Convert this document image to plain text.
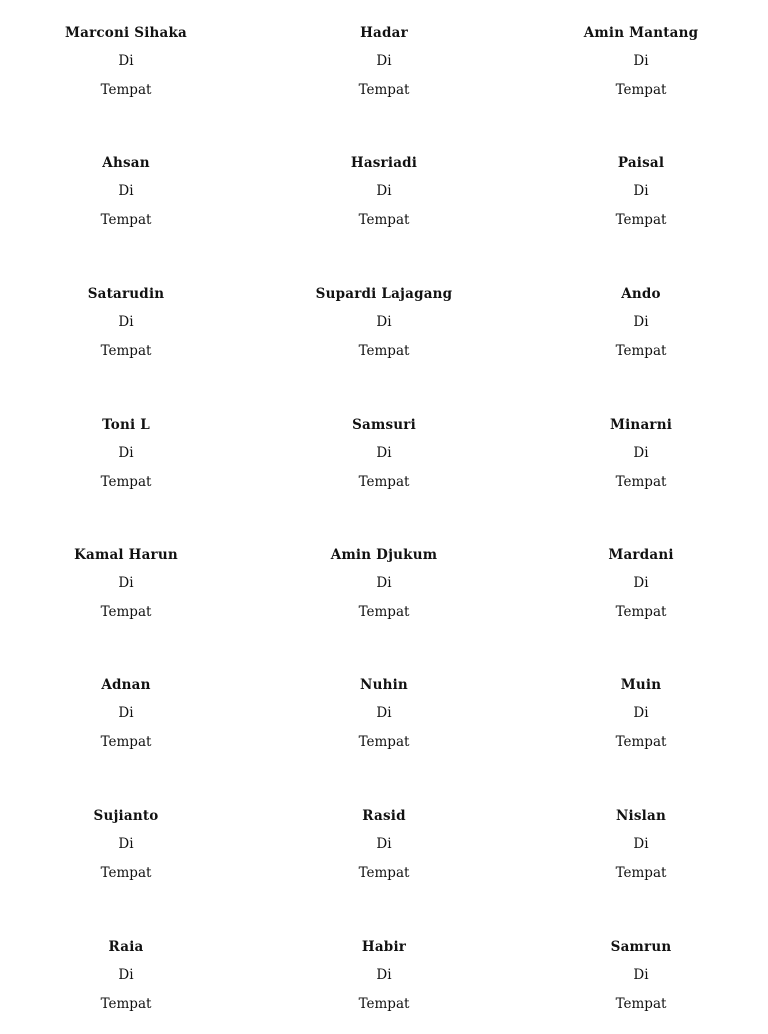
Marconi Sihaka
Di
Tempat
Hadar
Di
Tempat
Amin Mantang
Di
Tempat
Ahsan
Di
Tempat
Hasriadi
Di
Tempat
Paisal
Di
Tempat
Satarudin
Di
Tempat
Supardi Lajagang
Di
Tempat
Ando
Di
Tempat
Toni L
Di
Tempat
Samsuri
Di
Tempat
Minarni
Di
Tempat
Kamal Harun
Di
Tempat
Amin Djukum
Di
Tempat
Mardani
Di
Tempat
Adnan
Di
Tempat
Nuhin
Di
Tempat
Muin
Di
Tempat
Sujianto
Di
Tempat
Rasid
Di
Tempat
Nislan
Di
Tempat
Raia
Di
Tempat
Habir
Di
Tempat
Samrun
Di
Tempat
